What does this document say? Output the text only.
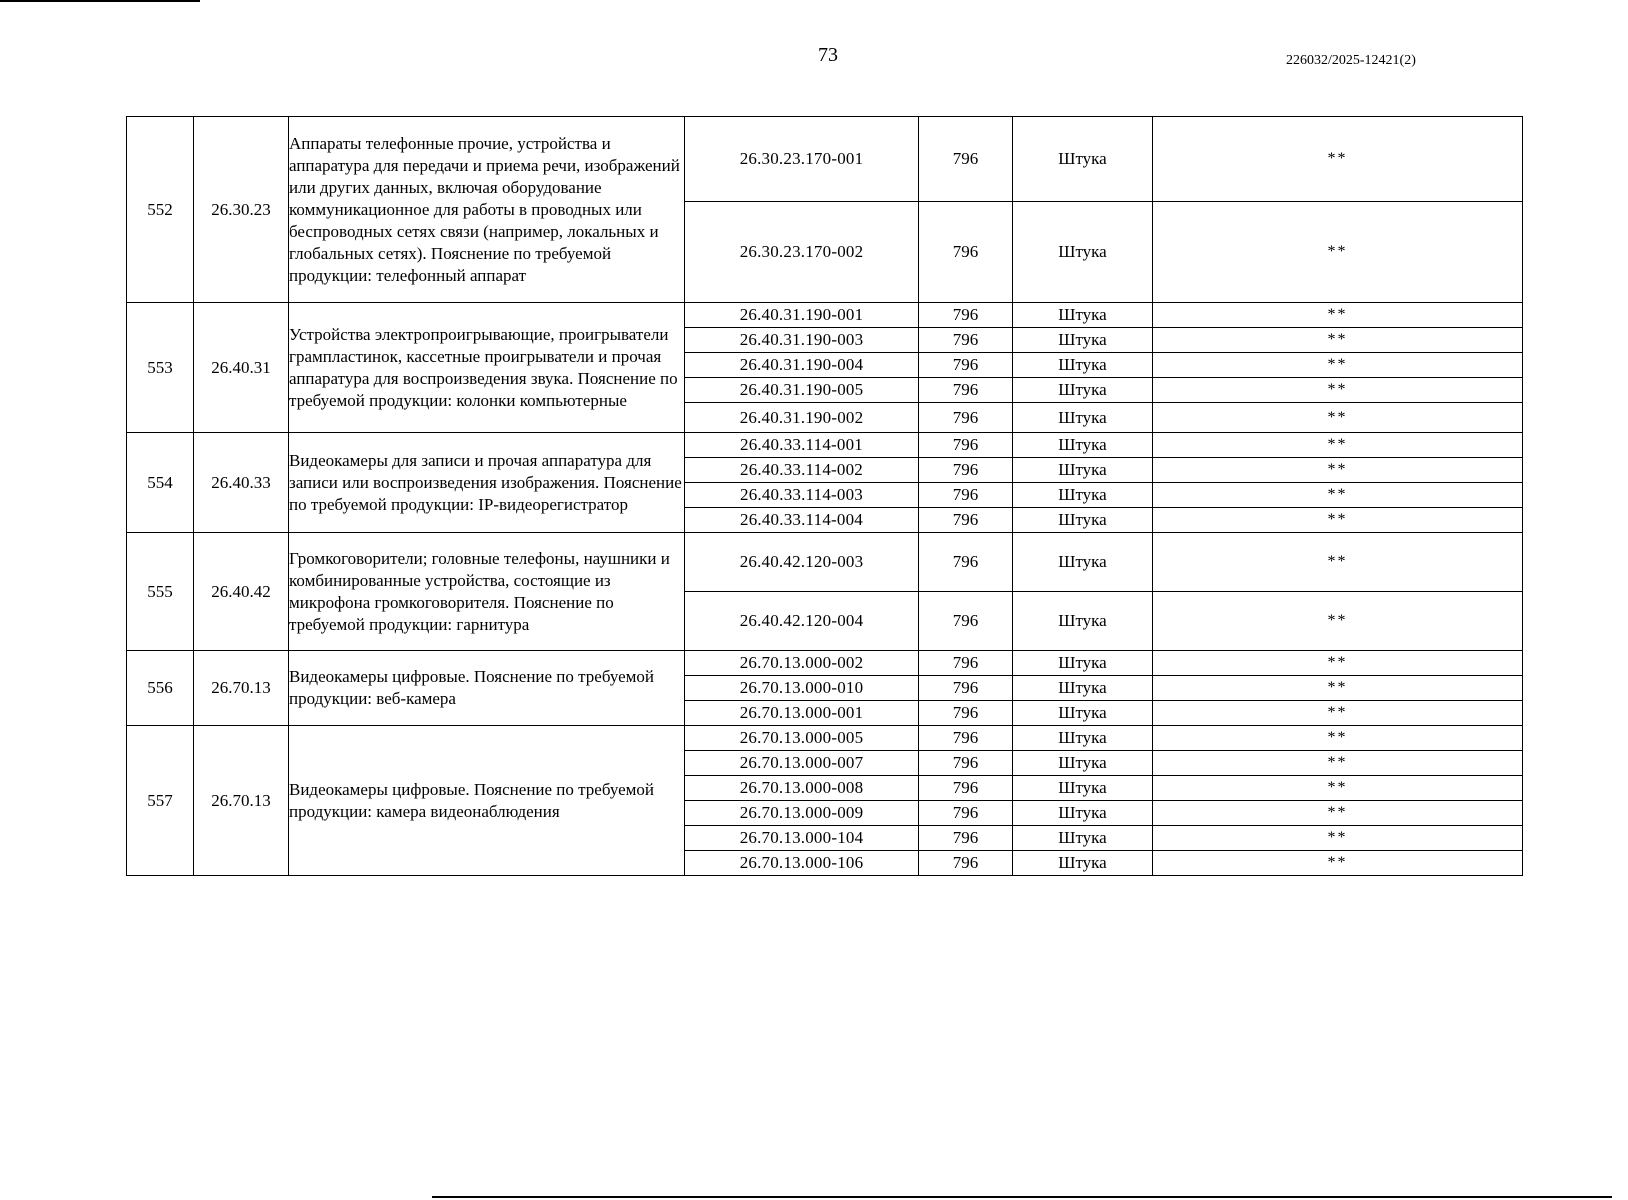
73	226032/2025-12421(2)
552	26.30.23	Аппараты телефонные прочие, устройства и аппаратура для передачи и приема речи, изображений или других данных, включая оборудование коммуникационное для работы в проводных или беспроводных сетях связи (например, локальных и глобальных сетях). Пояснение по требуемой продукции: телефонный аппарат	26.30.23.170-001	796	Штука	**
			26.30.23.170-002	796	Штука	**
553	26.40.31	Устройства электропроигрывающие, проигрыватели грампластинок, кассетные проигрыватели и прочая аппаратура для воспроизведения звука. Пояснение по требуемой продукции: колонки компьютерные	26.40.31.190-001	796	Штука	**
			26.40.31.190-003	796	Штука	**
			26.40.31.190-004	796	Штука	**
			26.40.31.190-005	796	Штука	**
			26.40.31.190-002	796	Штука	**
554	26.40.33	Видеокамеры для записи и прочая аппаратура для записи или воспроизведения изображения. Пояснение по требуемой продукции: IP-видеорегистратор	26.40.33.114-001	796	Штука	**
			26.40.33.114-002	796	Штука	**
			26.40.33.114-003	796	Штука	**
			26.40.33.114-004	796	Штука	**
555	26.40.42	Громкоговорители; головные телефоны, наушники и комбинированные устройства, состоящие из микрофона громкоговорителя. Пояснение по требуемой продукции: гарнитура	26.40.42.120-003	796	Штука	**
			26.40.42.120-004	796	Штука	**
556	26.70.13	Видеокамеры цифровые. Пояснение по требуемой продукции: веб-камера	26.70.13.000-002	796	Штука	**
			26.70.13.000-010	796	Штука	**
			26.70.13.000-001	796	Штука	**
557	26.70.13	Видеокамеры цифровые. Пояснение по требуемой продукции: камера видеонаблюдения	26.70.13.000-005	796	Штука	**
			26.70.13.000-007	796	Штука	**
			26.70.13.000-008	796	Штука	**
			26.70.13.000-009	796	Штука	**
			26.70.13.000-104	796	Штука	**
			26.70.13.000-106	796	Штука	**
